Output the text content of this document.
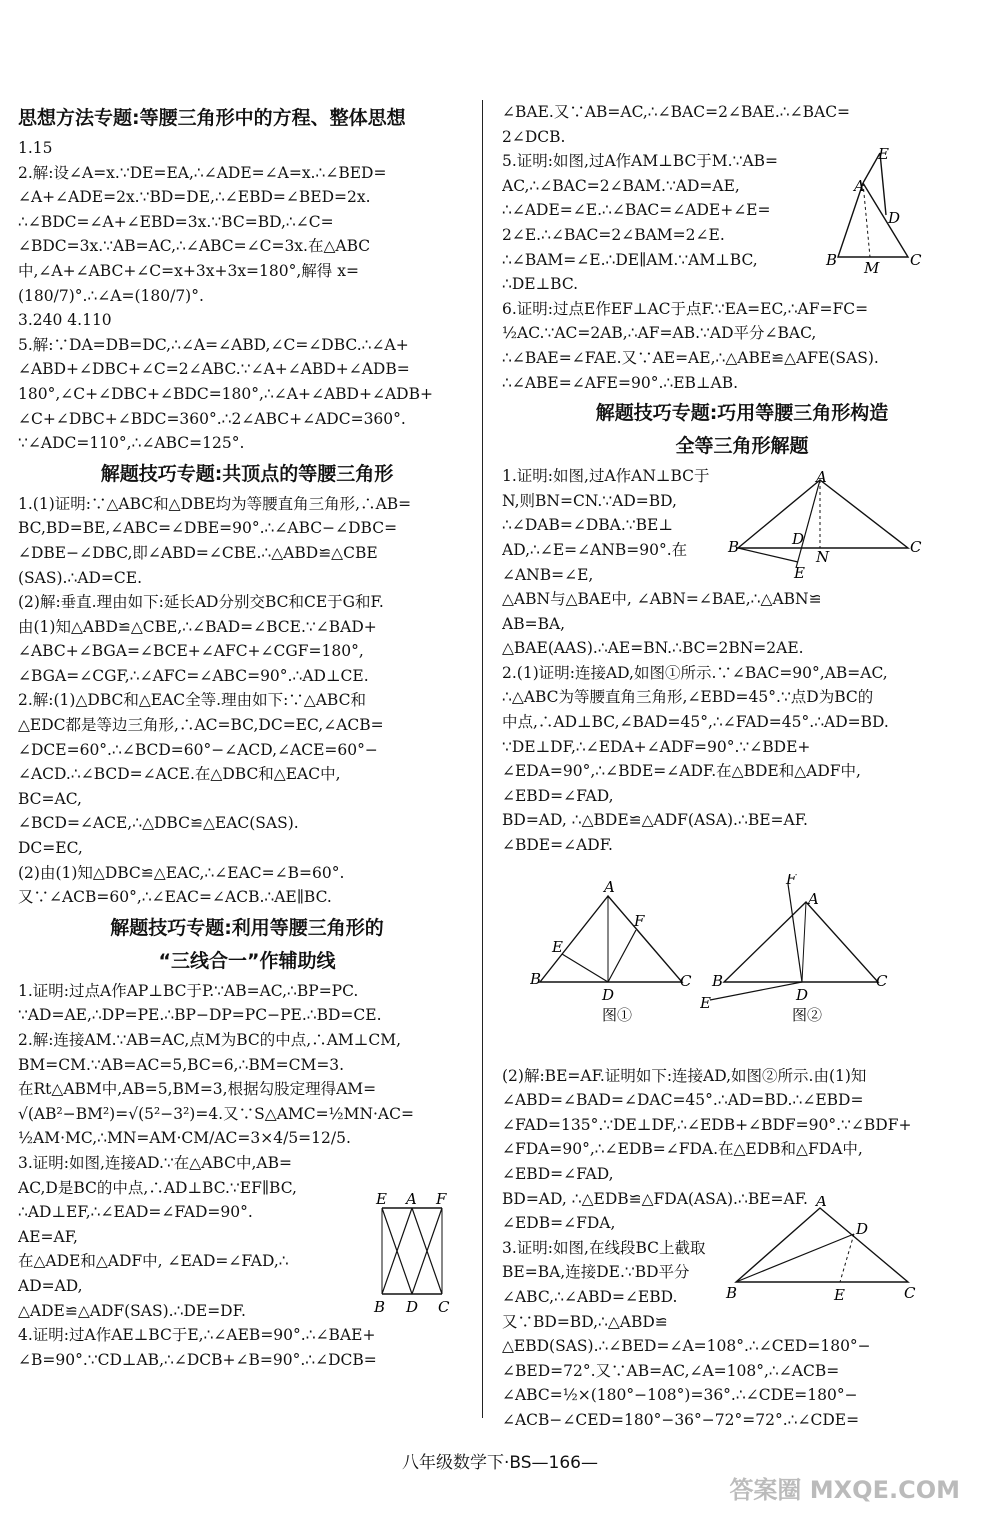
思想方法专题:等腰三角形中的方程、整体思想

1.15

2.解:设∠A=x.∵DE=EA,∴∠ADE=∠A=x.∴∠BED=

∠A+∠ADE=2x.∵BD=DE,∴∠EBD=∠BED=2x.

∴∠BDC=∠A+∠EBD=3x.∵BC=BD,∴∠C=

∠BDC=3x.∵AB=AC,∴∠ABC=∠C=3x.在△ABC

中,∠A+∠ABC+∠C=x+3x+3x=180°,解得 x=

(180/7)°.∴∠A=(180/7)°.

3.240 4.110

5.解:∵DA=DB=DC,∴∠A=∠ABD,∠C=∠DBC.∴∠A+

∠ABD+∠DBC+∠C=2∠ABC.∵∠A+∠ABD+∠ADB=

180°,∠C+∠DBC+∠BDC=180°,∴∠A+∠ABD+∠ADB+

∠C+∠DBC+∠BDC=360°.∴2∠ABC+∠ADC=360°.

∵∠ADC=110°,∴∠ABC=125°.

解题技巧专题:共顶点的等腰三角形

1.(1)证明:∵△ABC和△DBE均为等腰直角三角形,∴AB=

BC,BD=BE,∠ABC=∠DBE=90°.∴∠ABC−∠DBC=

∠DBE−∠DBC,即∠ABD=∠CBE.∴△ABD≌△CBE

(SAS).∴AD=CE.

(2)解:垂直.理由如下:延长AD分别交BC和CE于G和F.

由(1)知△ABD≌△CBE,∴∠BAD=∠BCE.∵∠BAD+

∠ABC+∠BGA=∠BCE+∠AFC+∠CGF=180°,

∠BGA=∠CGF,∴∠AFC=∠ABC=90°.∴AD⊥CE.

2.解:(1)△DBC和△EAC全等.理由如下:∵△ABC和

△EDC都是等边三角形,∴AC=BC,DC=EC,∠ACB=

∠DCE=60°.∴∠BCD=60°−∠ACD,∠ACE=60°−

∠ACD.∴∠BCD=∠ACE.在△DBC和△EAC中,

BC=AC,

∠BCD=∠ACE,∴△DBC≌△EAC(SAS).

DC=EC,

(2)由(1)知△DBC≌△EAC,∴∠EAC=∠B=60°.

又∵∠ACB=60°,∴∠EAC=∠ACB.∴AE∥BC.

解题技巧专题:利用等腰三角形的
“三线合一”作辅助线

1.证明:过点A作AP⊥BC于P.∵AB=AC,∴BP=PC.

∵AD=AE,∴DP=PE.∴BP−DP=PC−PE.∴BD=CE.

2.解:连接AM.∵AB=AC,点M为BC的中点,∴AM⊥CM,

BM=CM.∵AB=AC=5,BC=6,∴BM=CM=3.

在Rt△ABM中,AB=5,BM=3,根据勾股定理得AM=

√(AB²−BM²)=√(5²−3²)=4.又∵S△AMC=½MN·AC=

½AM·MC,∴MN=AM·CM/AC=3×4/5=12/5.

3.证明:如图,连接AD.∵在△ABC中,AB=

AC,D是BC的中点,∴AD⊥BC.∵EF∥BC,

∴AD⊥EF,∴∠EAD=∠FAD=90°.

AE=AF,

在△ADE和△ADF中, ∠EAD=∠FAD,∴

AD=AD,

△ADE≌△ADF(SAS).∴DE=DF.

4.证明:过A作AE⊥BC于E,∴∠AEB=90°.∴∠BAE+

∠B=90°.∵CD⊥AB,∴∠DCB+∠B=90°.∴∠DCB=

∠BAE.又∵AB=AC,∴∠BAC=2∠BAE.∴∠BAC=

2∠DCB.

5.证明:如图,过A作AM⊥BC于M.∵AB=

AC,∴∠BAC=2∠BAM.∵AD=AE,

∴∠ADE=∠E.∴∠BAC=∠ADE+∠E=

2∠E.∴∠BAC=2∠BAM=2∠E.

∴∠BAM=∠E.∴DE∥AM.∵AM⊥BC,

∴DE⊥BC.

6.证明:过点E作EF⊥AC于点F.∵EA=EC,∴AF=FC=

½AC.∵AC=2AB,∴AF=AB.∵AD平分∠BAC,

∴∠BAE=∠FAE.又∵AE=AE,∴△ABE≌△AFE(SAS).

∴∠ABE=∠AFE=90°.∴EB⊥AB.

解题技巧专题:巧用等腰三角形构造
全等三角形解题

1.证明:如图,过A作AN⊥BC于

N,则BN=CN.∵AD=BD,

∴∠DAB=∠DBA.∵BE⊥

AD,∴∠E=∠ANB=90°.在

∠ANB=∠E,

△ABN与△BAE中, ∠ABN=∠BAE,∴△ABN≌

AB=BA,

△BAE(AAS).∴AE=BN.∴BC=2BN=2AE.

2.(1)证明:连接AD,如图①所示.∵∠BAC=90°,AB=AC,

∴△ABC为等腰直角三角形,∠EBD=45°.∵点D为BC的

中点,∴AD⊥BC,∠BAD=45°,∴∠FAD=45°.∴AD=BD.

∵DE⊥DF,∴∠EDA+∠ADF=90°.∵∠BDE+

∠EDA=90°,∴∠BDE=∠ADF.在△BDE和△ADF中,

∠EBD=∠FAD,

BD=AD, ∴△BDE≌△ADF(ASA).∴BE=AF.

∠BDE=∠ADF.

(2)解:BE=AF.证明如下:连接AD,如图②所示.由(1)知

∠ABD=∠BAD=∠DAC=45°.∴AD=BD.∴∠EBD=

∠FAD=135°.∵DE⊥DF,∴∠EDB+∠BDF=90°.∵∠BDF+

∠FDA=90°,∴∠EDB=∠FDA.在△EDB和△FDA中,

∠EBD=∠FAD,

BD=AD, ∴△EDB≌△FDA(ASA).∴BE=AF.

∠EDB=∠FDA,

3.证明:如图,在线段BC上截取

BE=BA,连接DE.∵BD平分

∠ABC,∴∠ABD=∠EBD.

又∵BD=BD,∴△ABD≌

△EBD(SAS).∴∠BED=∠A=108°.∴∠CED=180°−

∠BED=72°.又∵AB=AC,∠A=108°,∴∠ACB=

∠ABC=½×(180°−108°)=36°.∴∠CDE=180°−

∠ACB−∠CED=180°−36°−72°=72°.∴∠CDE=

E
A
D
B M C
A
B	C
D
N
E
A
E
F
B
D
C
图①
F
A
B
D
C
E
图②
E A F
B D C
A
D
B	E	C
八年级数学下·BS—166—
答案圈 MXQE.COM
